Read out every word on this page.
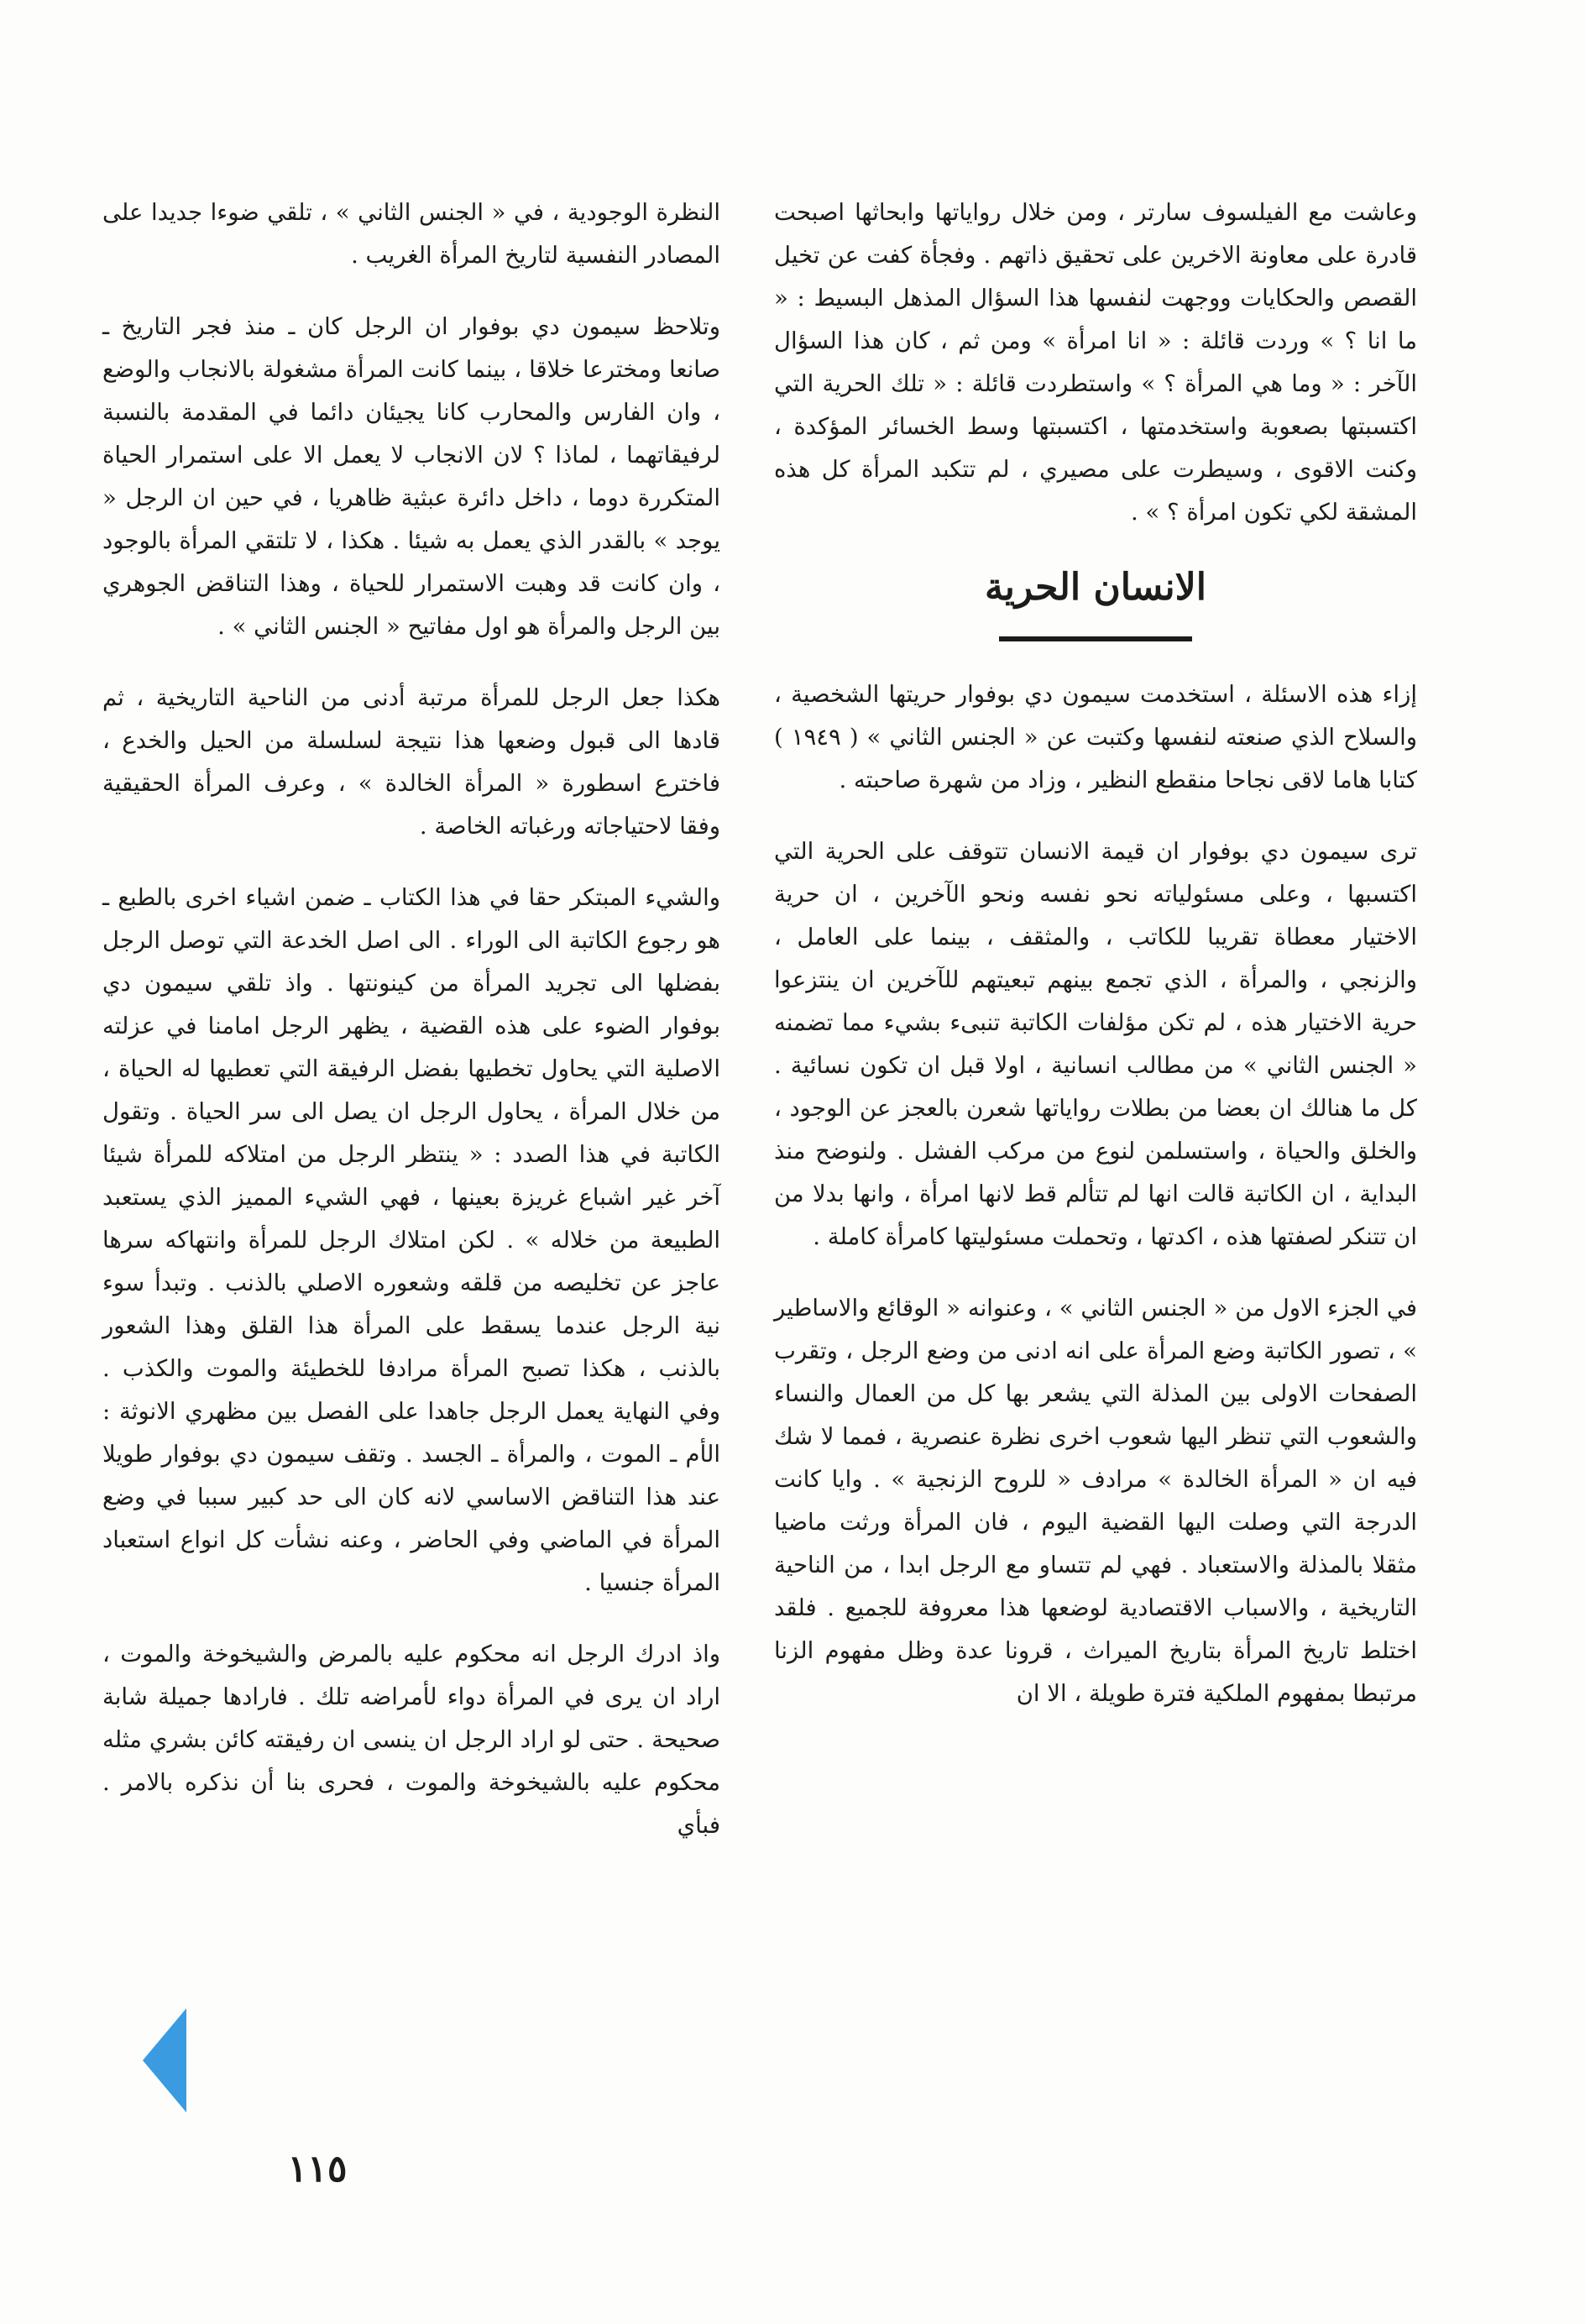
وعاشت مع الفيلسوف سارتر ، ومن خلال رواياتها وابحاثها اصبحت قادرة على معاونة الاخرين على تحقيق ذاتهم . وفجأة كفت عن تخيل القصص والحكايات ووجهت لنفسها هذا السؤال المذهل البسيط : « ما انا ؟ » وردت قائلة : « انا امرأة » ومن ثم ، كان هذا السؤال الآخر : « وما هي المرأة ؟ » واستطردت قائلة : « تلك الحرية التي اكتسبتها بصعوبة واستخدمتها ، اكتسبتها وسط الخسائر المؤكدة ، وكنت الاقوى ، وسيطرت على مصيري ، لم تتكبد المرأة كل هذه المشقة لكي تكون امرأة ؟ » .

الانسان الحرية

إزاء هذه الاسئلة ، استخدمت سيمون دي بوفوار حريتها الشخصية ، والسلاح الذي صنعته لنفسها وكتبت عن « الجنس الثاني » ( ١٩٤٩ ) كتابا هاما لاقى نجاحا منقطع النظير ، وزاد من شهرة صاحبته .

ترى سيمون دي بوفوار ان قيمة الانسان تتوقف على الحرية التي اكتسبها ، وعلى مسئولياته نحو نفسه ونحو الآخرين ، ان حرية الاختيار معطاة تقريبا للكاتب ، والمثقف ، بينما على العامل ، والزنجي ، والمرأة ، الذي تجمع بينهم تبعيتهم للآخرين ان ينتزعوا حرية الاختيار هذه ، لم تكن مؤلفات الكاتبة تنبىء بشيء مما تضمنه « الجنس الثاني » من مطالب انسانية ، اولا قبل ان تكون نسائية . كل ما هنالك ان بعضا من بطلات رواياتها شعرن بالعجز عن الوجود ، والخلق والحياة ، واستسلمن لنوع من مركب الفشل . ولنوضح منذ البداية ، ان الكاتبة قالت انها لم تتألم قط لانها امرأة ، وانها بدلا من ان تتنكر لصفتها هذه ، اكدتها ، وتحملت مسئوليتها كامرأة كاملة .

في الجزء الاول من « الجنس الثاني » ، وعنوانه « الوقائع والاساطير » ، تصور الكاتبة وضع المرأة على انه ادنى من وضع الرجل ، وتقرب الصفحات الاولى بين المذلة التي يشعر بها كل من العمال والنساء والشعوب التي تنظر اليها شعوب اخرى نظرة عنصرية ، فمما لا شك فيه ان « المرأة الخالدة » مرادف « للروح الزنجية » . وايا كانت الدرجة التي وصلت اليها القضية اليوم ، فان المرأة ورثت ماضيا مثقلا بالمذلة والاستعباد . فهي لم تتساو مع الرجل ابدا ، من الناحية التاريخية ، والاسباب الاقتصادية لوضعها هذا معروفة للجميع . فلقد اختلط تاريخ المرأة بتاريخ الميراث ، قرونا عدة وظل مفهوم الزنا مرتبطا بمفهوم الملكية فترة طويلة ، الا ان

النظرة الوجودية ، في « الجنس الثاني » ، تلقي ضوءا جديدا على المصادر النفسية لتاريخ المرأة الغريب .

وتلاحظ سيمون دي بوفوار ان الرجل كان ـ منذ فجر التاريخ ـ صانعا ومخترعا خلاقا ، بينما كانت المرأة مشغولة بالانجاب والوضع ، وان الفارس والمحارب كانا يجيئان دائما في المقدمة بالنسبة لرفيقاتهما ، لماذا ؟ لان الانجاب لا يعمل الا على استمرار الحياة المتكررة دوما ، داخل دائرة عبثية ظاهريا ، في حين ان الرجل « يوجد » بالقدر الذي يعمل به شيئا . هكذا ، لا تلتقي المرأة بالوجود ، وان كانت قد وهبت الاستمرار للحياة ، وهذا التناقض الجوهري بين الرجل والمرأة هو اول مفاتيح « الجنس الثاني » .

هكذا جعل الرجل للمرأة مرتبة أدنى من الناحية التاريخية ، ثم قادها الى قبول وضعها هذا نتيجة لسلسلة من الحيل والخدع ، فاخترع اسطورة « المرأة الخالدة » ، وعرف المرأة الحقيقية وفقا لاحتياجاته ورغباته الخاصة .

والشيء المبتكر حقا في هذا الكتاب ـ ضمن اشياء اخرى بالطبع ـ هو رجوع الكاتبة الى الوراء . الى اصل الخدعة التي توصل الرجل بفضلها الى تجريد المرأة من كينونتها . واذ تلقي سيمون دي بوفوار الضوء على هذه القضية ، يظهر الرجل امامنا في عزلته الاصلية التي يحاول تخطيها بفضل الرفيقة التي تعطيها له الحياة ، من خلال المرأة ، يحاول الرجل ان يصل الى سر الحياة . وتقول الكاتبة في هذا الصدد : « ينتظر الرجل من امتلاكه للمرأة شيئا آخر غير اشباع غريزة بعينها ، فهي الشيء المميز الذي يستعبد الطبيعة من خلاله » . لكن امتلاك الرجل للمرأة وانتهاكه سرها عاجز عن تخليصه من قلقه وشعوره الاصلي بالذنب . وتبدأ سوء نية الرجل عندما يسقط على المرأة هذا القلق وهذا الشعور بالذنب ، هكذا تصبح المرأة مرادفا للخطيئة والموت والكذب . وفي النهاية يعمل الرجل جاهدا على الفصل بين مظهري الانوثة : الأم ـ الموت ، والمرأة ـ الجسد . وتقف سيمون دي بوفوار طويلا عند هذا التناقض الاساسي لانه كان الى حد كبير سببا في وضع المرأة في الماضي وفي الحاضر ، وعنه نشأت كل انواع استعباد المرأة جنسيا .

واذ ادرك الرجل انه محكوم عليه بالمرض والشيخوخة والموت ، اراد ان يرى في المرأة دواء لأمراضه تلك . فارادها جميلة شابة صحيحة . حتى لو اراد الرجل ان ينسى ان رفيقته كائن بشري مثله محكوم عليه بالشيخوخة والموت ، فحرى بنا أن نذكره بالامر . فبأي

١١٥
